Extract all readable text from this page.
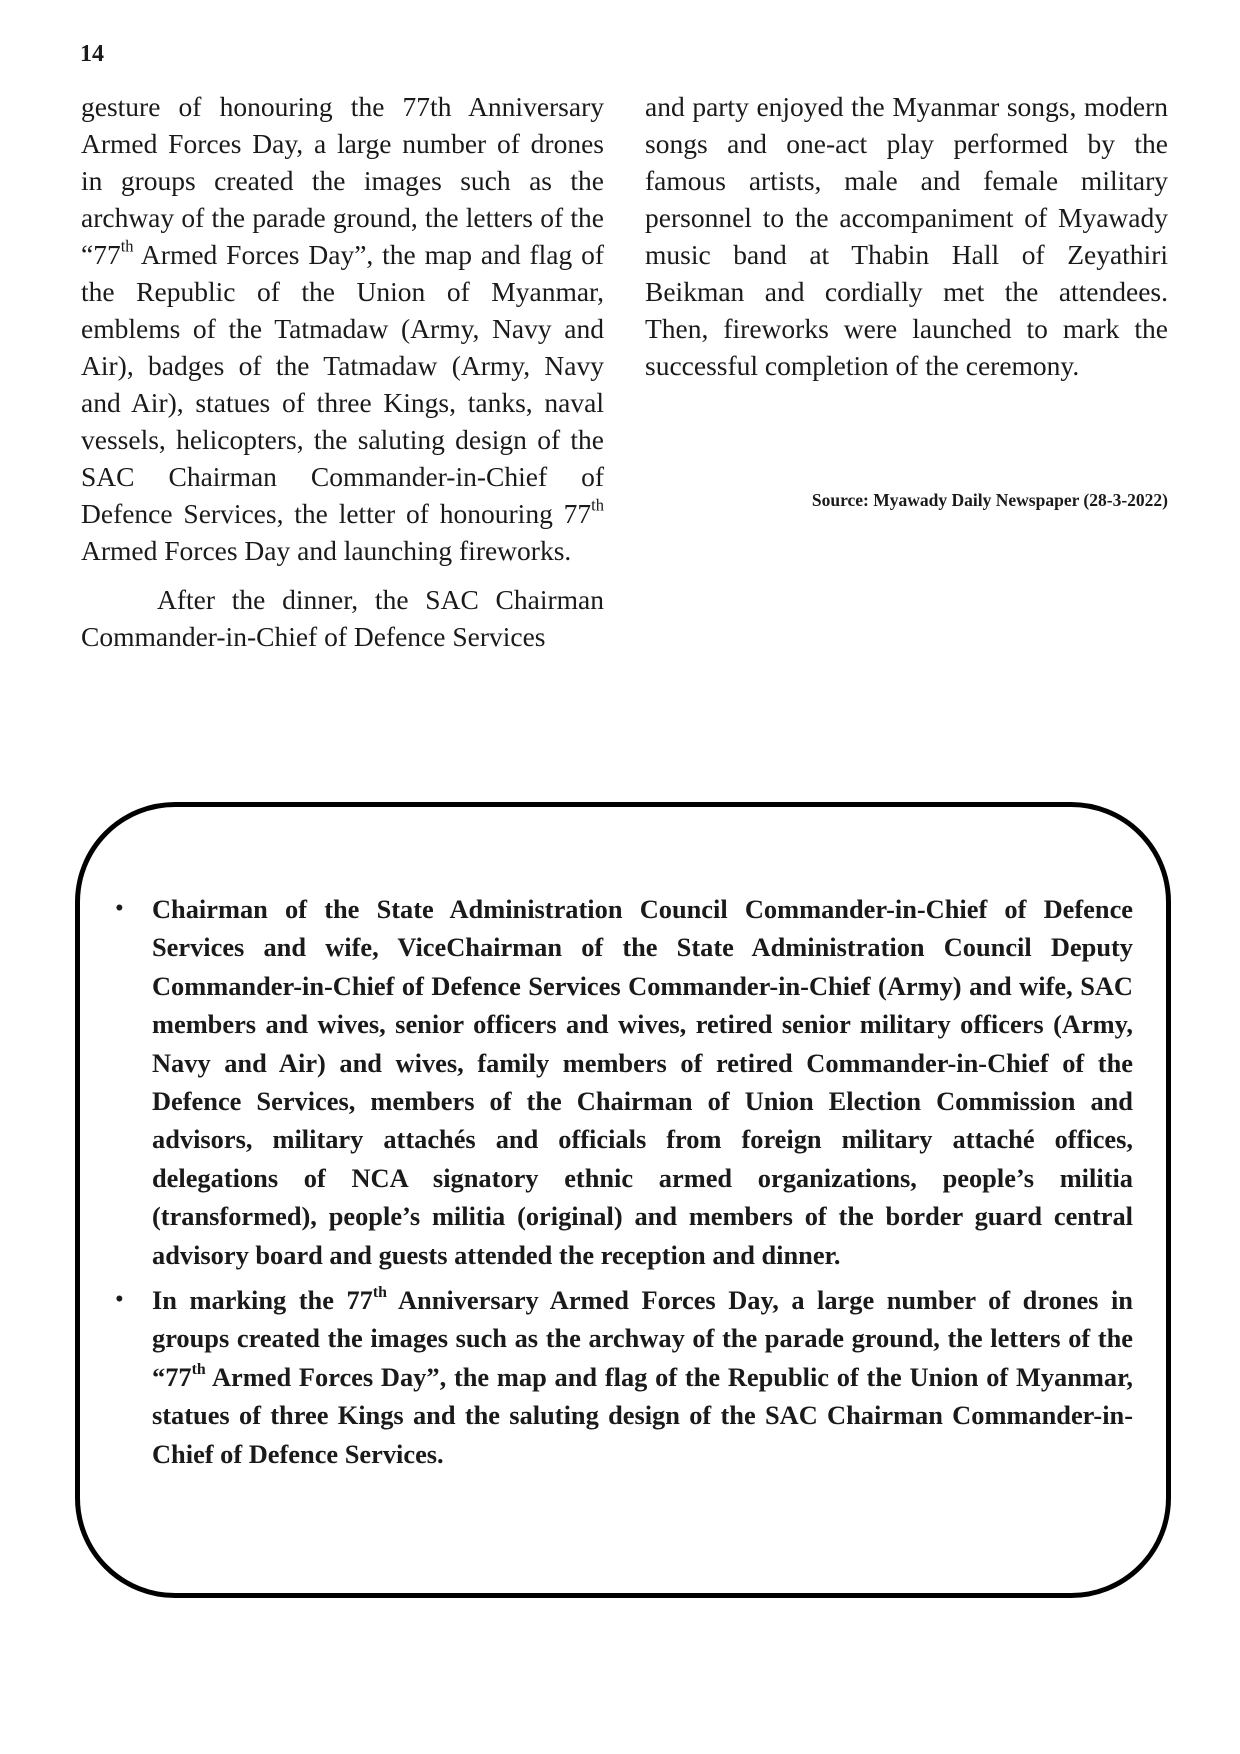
14

gesture of honouring the 77th Anniversary Armed Forces Day, a large number of drones in groups created the images such as the archway of the parade ground, the letters of the “77th Armed Forces Day”, the map and flag of the Republic of the Union of Myanmar, emblems of the Tatmadaw (Army, Navy and Air), badges of the Tatmadaw (Army, Navy and Air), statues of three Kings, tanks, naval vessels, helicopters, the saluting design of the SAC Chairman Commander-in-Chief of Defence Services, the letter of honouring 77th Armed Forces Day and launching fireworks.

After the dinner, the SAC Chairman Commander-in-Chief of Defence Services

and party enjoyed the Myanmar songs, modern songs and one-act play performed by the famous artists, male and female military personnel to the accompaniment of Myawady music band at Thabin Hall of Zeyathiri Beikman and cordially met the attendees. Then, fireworks were launched to mark the successful completion of the ceremony.

Source: Myawady Daily Newspaper (28-3-2022)

•	Chairman of the State Administration Council Commander-in-Chief of Defence Services and wife, ViceChairman of the State Administration Council Deputy Commander-in-Chief of Defence Services Commander-in-Chief (Army) and wife, SAC members and wives, senior officers and wives, retired senior military officers (Army, Navy and Air) and wives, family members of retired Commander-in-Chief of the Defence Services, members of the Chairman of Union Election Commission and advisors, military attachés and officials from foreign military attaché offices, delegations of NCA signatory ethnic armed organizations, people’s militia (transformed), people’s militia (original) and members of the border guard central advisory board and guests attended the reception and dinner.
•	In marking the 77th Anniversary Armed Forces Day, a large number of drones in groups created the images such as the archway of the parade ground, the letters of the “77th Armed Forces Day”, the map and flag of the Republic of the Union of Myanmar, statues of three Kings and the saluting design of the SAC Chairman Commander-in-Chief of Defence Services.
